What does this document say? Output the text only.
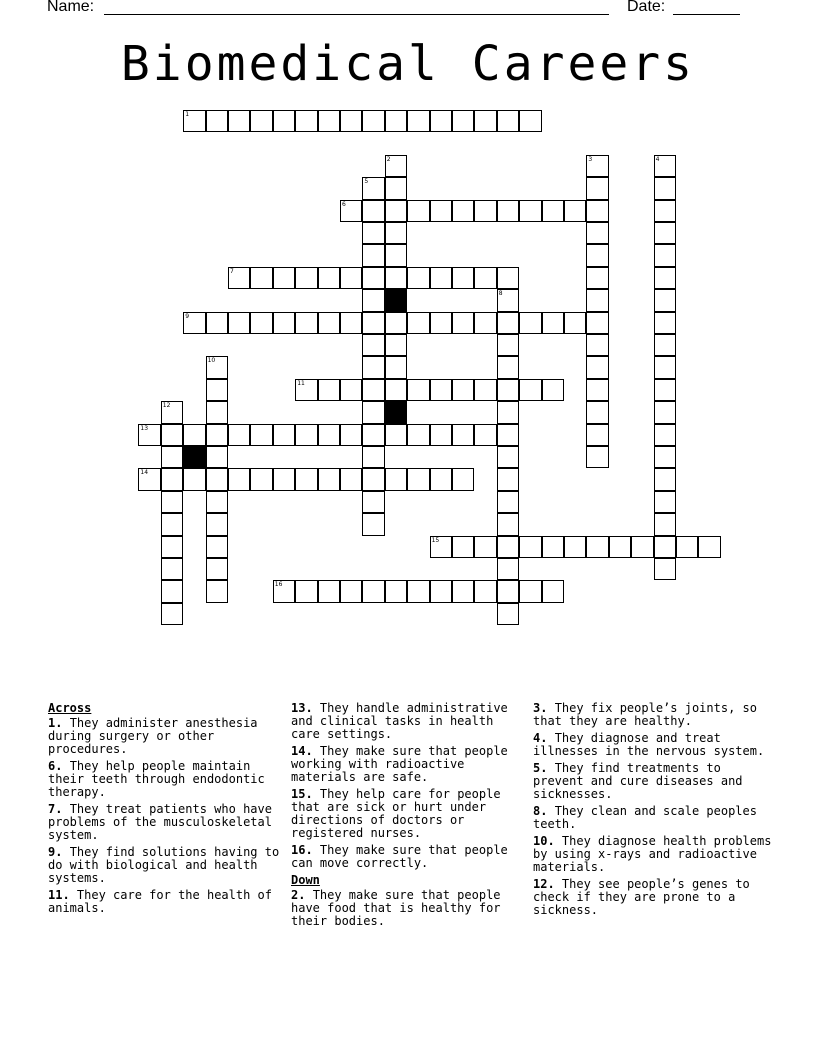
Name:	Date:
Biomedical Careers
1
2	3	4
5
6
7
8
9
10
11
12
13
14
15
16
Across
1. They administer anesthesia during surgery or other procedures.
6. They help people maintain their teeth through endodontic therapy.
7. They treat patients who have problems of the musculoskeletal system.
9. They find solutions having to do with biological and health systems.
11. They care for the health of animals.
13. They handle administrative and clinical tasks in health care settings.
14. They make sure that people working with radioactive materials are safe.
15. They help care for people that are sick or hurt under directions of doctors or registered nurses.
16. They make sure that people can move correctly.
Down
2. They make sure that people have food that is healthy for their bodies.
3. They fix people’s joints, so that they are healthy.
4. They diagnose and treat illnesses in the nervous system.
5. They find treatments to prevent and cure diseases and sicknesses.
8. They clean and scale peoples teeth.
10. They diagnose health problems by using x-rays and radioactive materials.
12. They see people’s genes to check if they are prone to a sickness.
